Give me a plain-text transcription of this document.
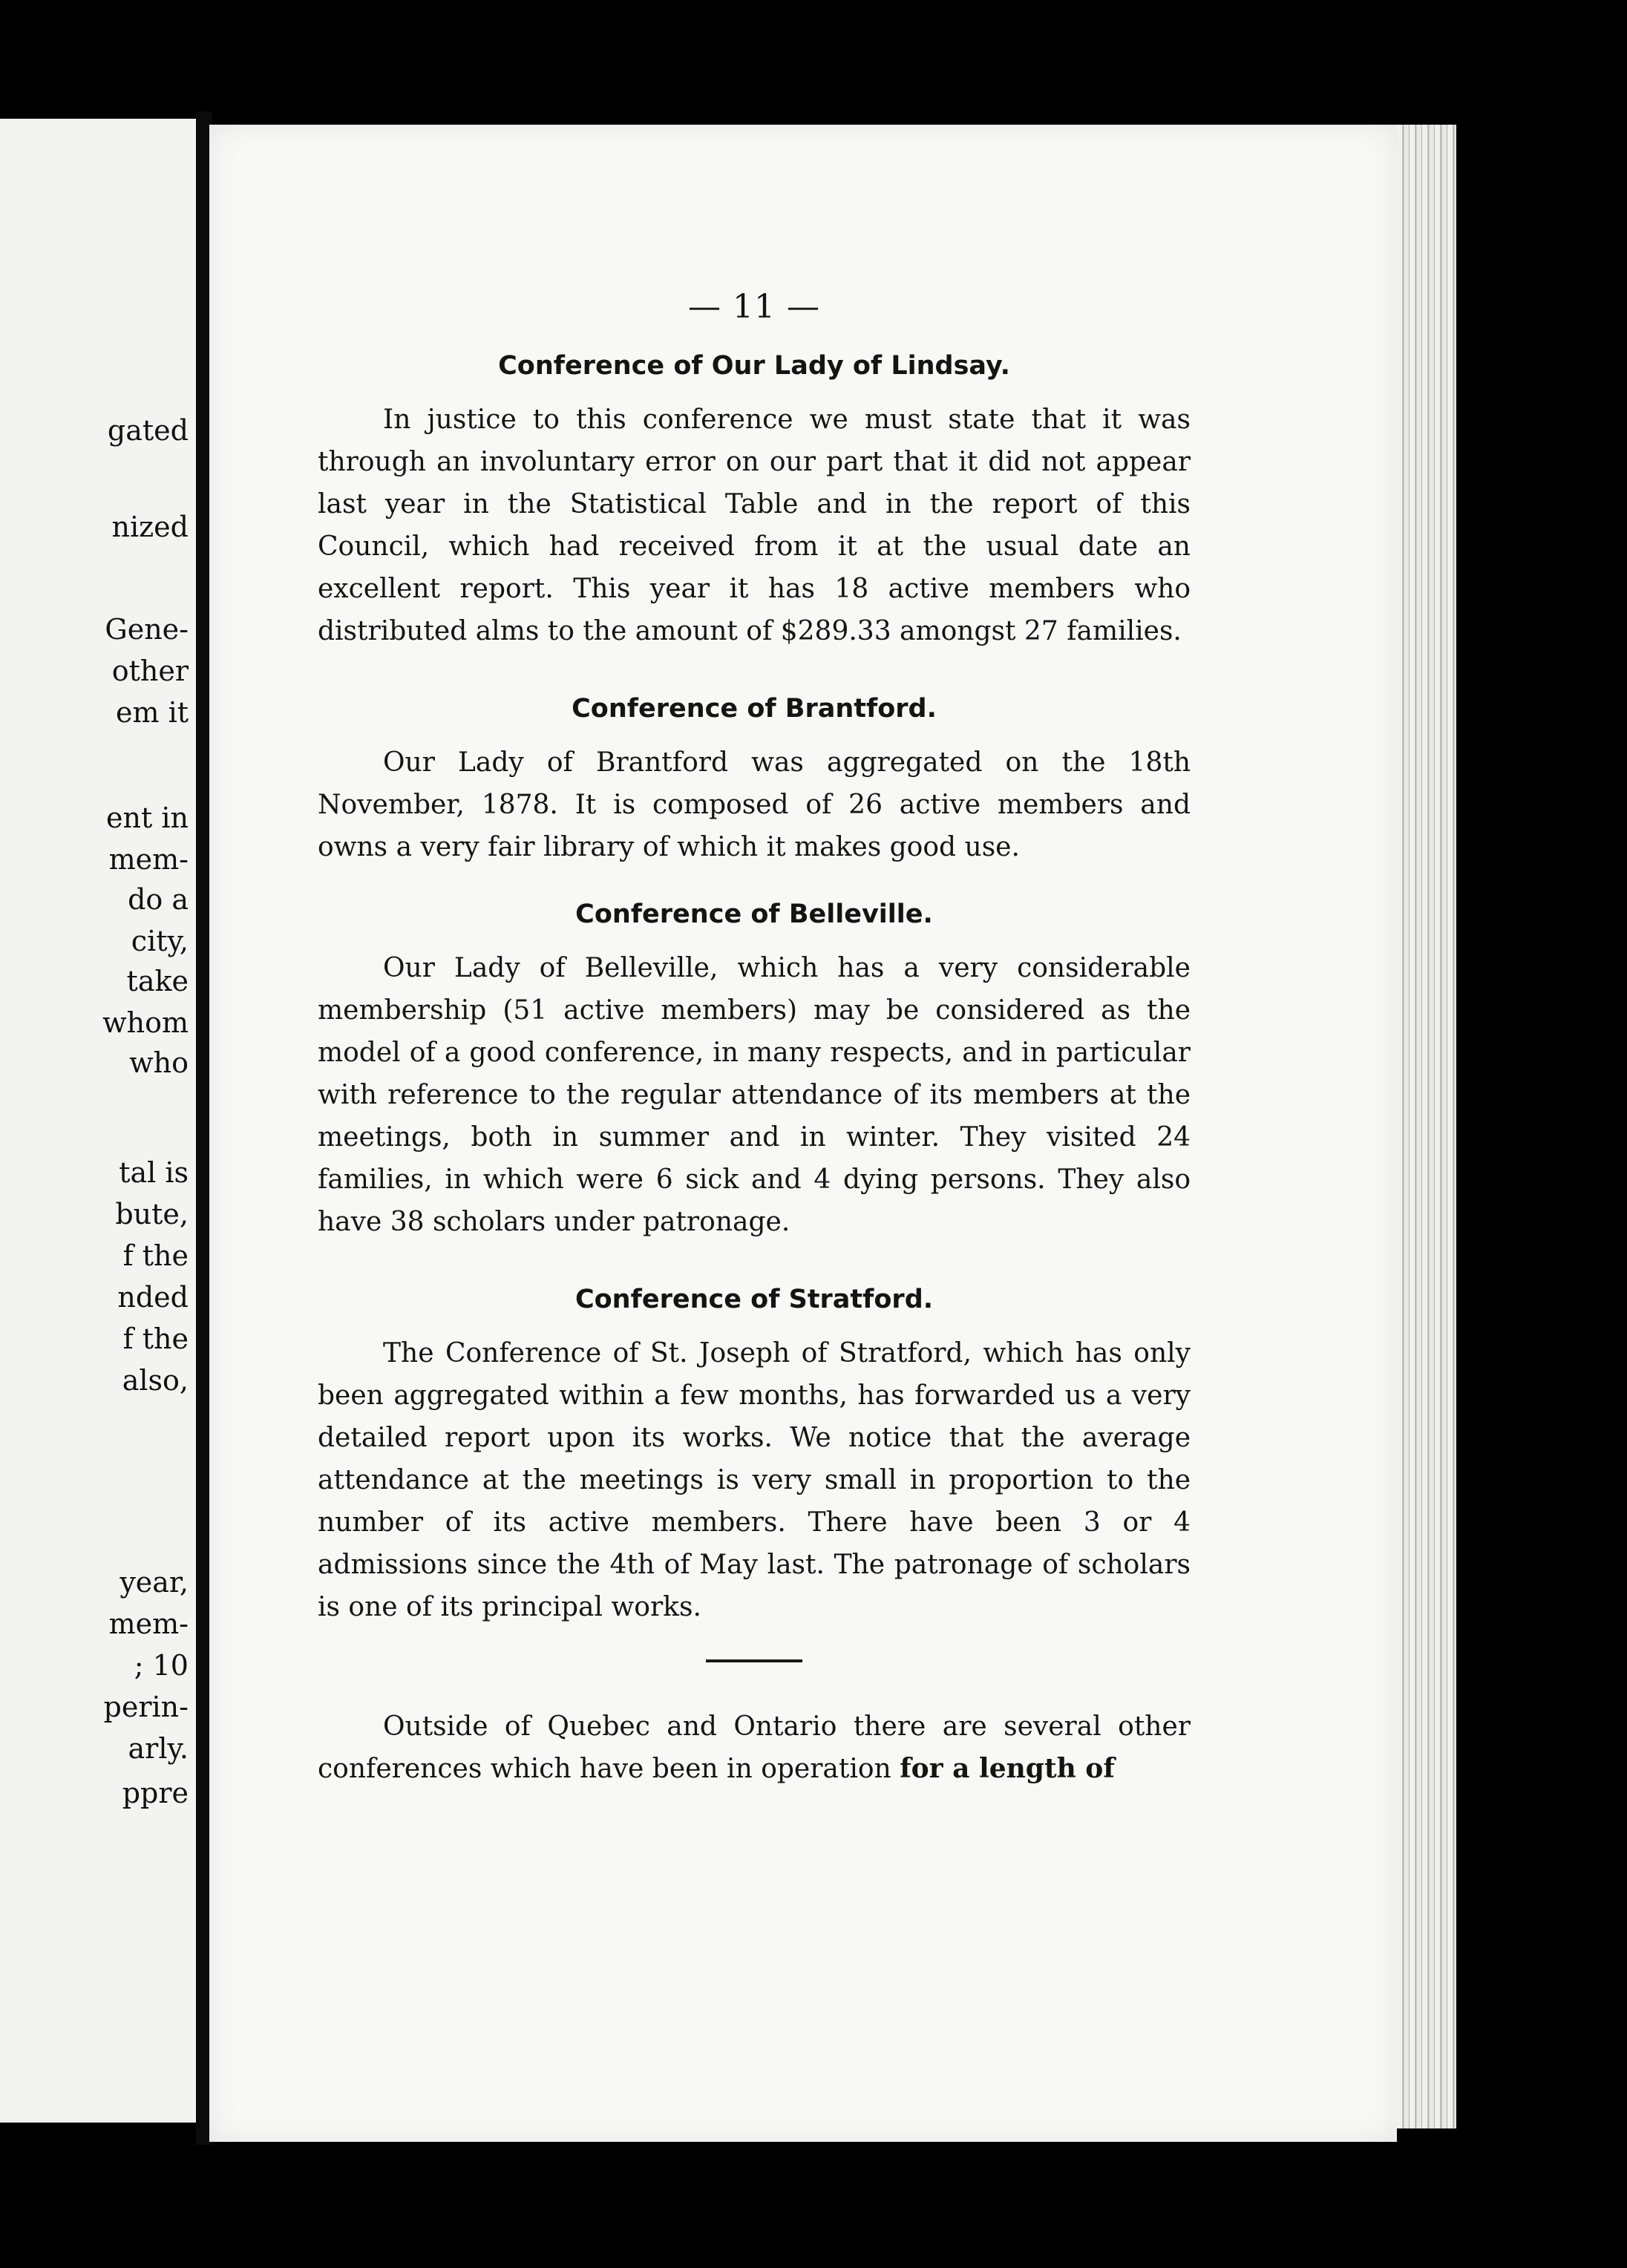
gated
nized
Gene-
other
em it
ent in
mem-
do a
city,
take
whom
who
tal is
bute,
f the
nded
f the
also,
year,
mem-
; 10
perin-
arly.
ppre
— 11 —
Conference of Our Lady of Lindsay.

In justice to this conference we must state that it was through an involuntary error on our part that it did not appear last year in the Statistical Table and in the report of this Council, which had received from it at the usual date an excellent report. This year it has 18 active members who distributed alms to the amount of $289.33 amongst 27 families.

Conference of Brantford.

Our Lady of Brantford was aggregated on the 18th November, 1878. It is composed of 26 active members and owns a very fair library of which it makes good use.

Conference of Belleville.

Our Lady of Belleville, which has a very considerable membership (51 active members) may be considered as the model of a good conference, in many respects, and in particular with reference to the regular attendance of its members at the meetings, both in summer and in winter. They visited 24 families, in which were 6 sick and 4 dying persons. They also have 38 scholars under patronage.

Conference of Stratford.

The Conference of St. Joseph of Stratford, which has only been aggregated within a few months, has forwarded us a very detailed report upon its works. We notice that the average attendance at the meetings is very small in proportion to the number of its active members. There have been 3 or 4 admissions since the 4th of May last. The patronage of scholars is one of its principal works.

Outside of Quebec and Ontario there are several other conferences which have been in operation for a length of
